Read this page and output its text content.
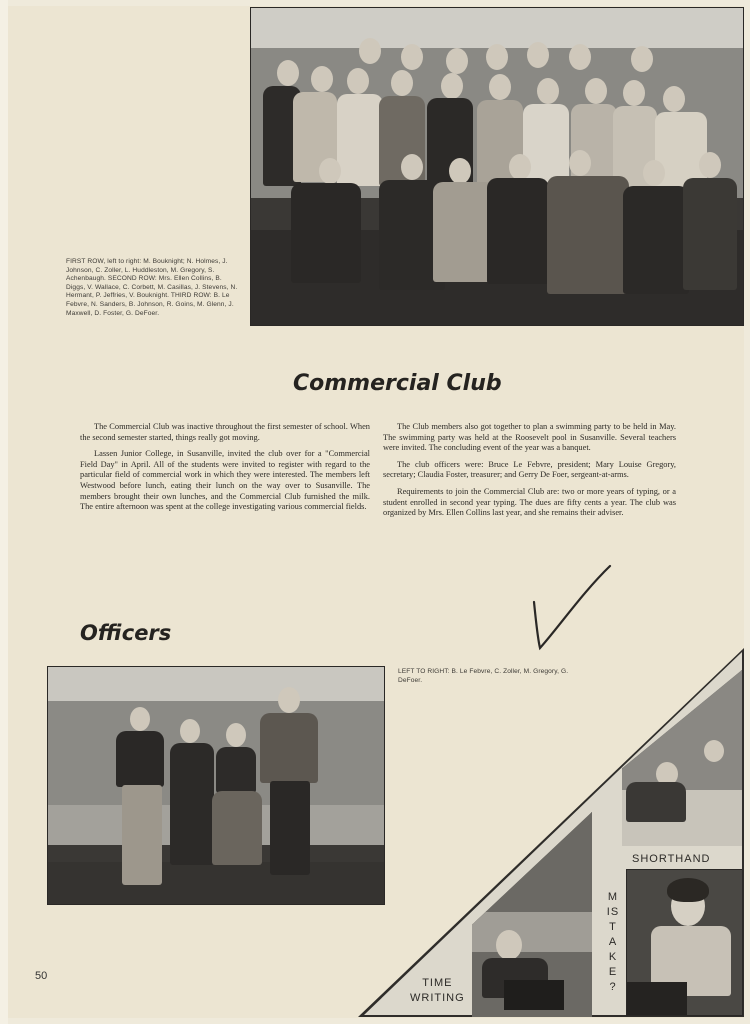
FIRST ROW, left to right: M. Bouknight; N. Holmes, J. Johnson, C. Zoller, L. Huddleston, M. Gregory, S. Achenbaugh. SECOND ROW: Mrs. Ellen Collins, B. Diggs, V. Wallace, C. Corbett, M. Casillas, J. Stevens, N. Hermant, P. Jeffries, V. Bouknight. THIRD ROW: B. Le Febvre, N. Sanders, B. Johnson, R. Goins, M. Glenn, J. Maxwell, D. Foster, G. DeFoer.
Commercial Club

The Commercial Club was inactive throughout the first semester of school. When the second semester started, things really got moving.

Lassen Junior College, in Susanville, invited the club over for a "Commercial Field Day" in April. All of the students were invited to register with regard to the particular field of commercial work in which they were interested. The members left Westwood before lunch, eating their lunch on the way over to Susanville. The members brought their own lunches, and the Commercial Club furnished the milk. The entire afternoon was spent at the college investigating various commercial fields.

The Club members also got together to plan a swimming party to be held in May. The swimming party was held at the Roosevelt pool in Susanville. Several teachers were invited. The concluding event of the year was a banquet.

The club officers were: Bruce Le Febvre, president; Mary Louise Gregory, secretary; Claudia Foster, treasurer; and Gerry De Foer, sergeant-at-arms.

Requirements to join the Commercial Club are: two or more years of typing, or a student enrolled in second year typing. The dues are fifty cents a year. The club was organized by Mrs. Ellen Collins last year, and she remains their adviser.

Officers
LEFT TO RIGHT: B. Le Febvre, C. Zoller, M. Gregory, G. DeFoer.
SHORTHAND
MISTAKE?
TIME
WRITING
50
